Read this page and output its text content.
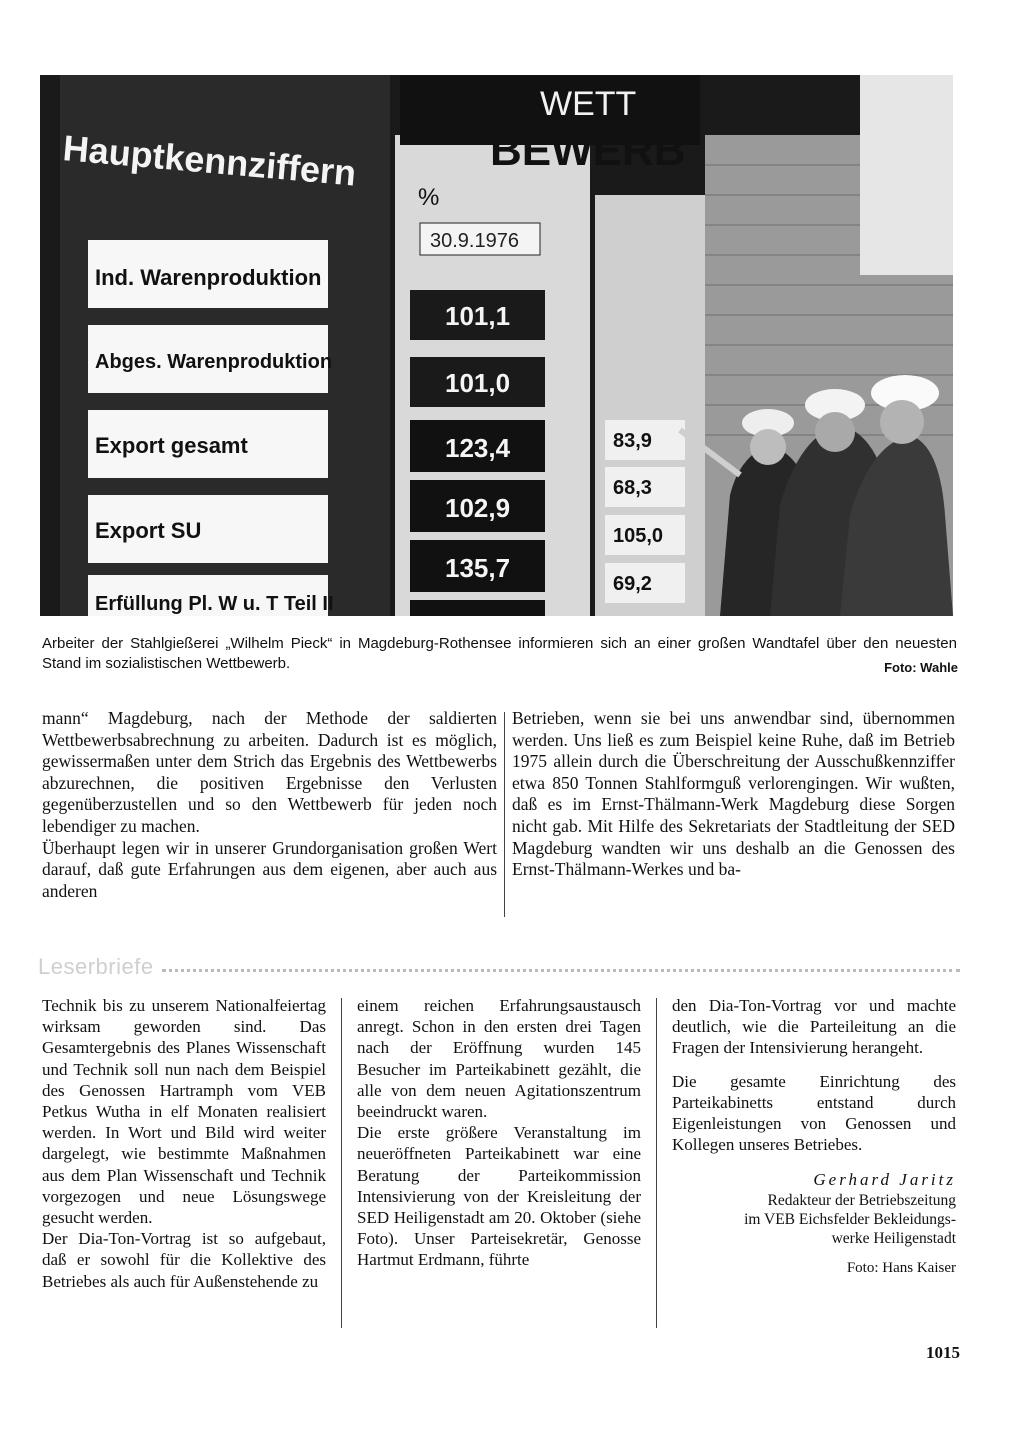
WETT
BEWERB
Hauptkennziffern
%
30.9.1976
Ind. Warenproduktion
Abges. Warenproduktion
Export gesamt
Export SU
Erfüllung Pl. W u. T Teil II
101,1
101,0
123,4
102,9
135,7
83,9
68,3
105,0
69,2
Arbeiter der Stahlgießerei „Wilhelm Pieck“ in Magdeburg-Rothensee informieren sich an einer großen Wandtafel über den neuesten Stand im sozialistischen Wettbewerb.	Foto: Wahle

mann“ Magdeburg, nach der Methode der saldierten Wettbewerbsabrechnung zu arbeiten. Dadurch ist es möglich, gewissermaßen unter dem Strich das Ergebnis des Wettbewerbs abzurechnen, die positiven Ergebnisse den Verlusten gegenüberzustellen und so den Wettbewerb für jeden noch lebendiger zu machen.

Überhaupt legen wir in unserer Grundorganisation großen Wert darauf, daß gute Erfahrungen aus dem eigenen, aber auch aus anderen

Betrieben, wenn sie bei uns anwendbar sind, übernommen werden. Uns ließ es zum Beispiel keine Ruhe, daß im Betrieb 1975 allein durch die Überschreitung der Ausschußkennziffer etwa 850 Tonnen Stahlformguß verlorengingen. Wir wußten, daß es im Ernst-Thälmann-Werk Magdeburg diese Sorgen nicht gab. Mit Hilfe des Sekretariats der Stadtleitung der SED Magdeburg wandten wir uns deshalb an die Genossen des Ernst-Thälmann-Werkes und ba-

Leserbriefe

Technik bis zu unserem Nationalfeiertag wirksam geworden sind. Das Gesamtergebnis des Planes Wissenschaft und Technik soll nun nach dem Beispiel des Genossen Hartramph vom VEB Petkus Wutha in elf Monaten realisiert werden. In Wort und Bild wird weiter dargelegt, wie bestimmte Maßnahmen aus dem Plan Wissenschaft und Technik vorgezogen und neue Lösungswege gesucht werden.

Der Dia-Ton-Vortrag ist so aufgebaut, daß er sowohl für die Kollektive des Betriebes als auch für Außenstehende zu

einem reichen Erfahrungsaustausch anregt. Schon in den ersten drei Tagen nach der Eröffnung wurden 145 Besucher im Parteikabinett gezählt, die alle von dem neuen Agitationszentrum beeindruckt waren.

Die erste größere Veranstaltung im neueröffneten Parteikabinett war eine Beratung der Parteikommission Intensivierung von der Kreisleitung der SED Heiligenstadt am 20. Oktober (siehe Foto). Unser Parteisekretär, Genosse Hartmut Erdmann, führte

den Dia-Ton-Vortrag vor und machte deutlich, wie die Parteileitung an die Fragen der Intensivierung herangeht.

Die gesamte Einrichtung des Parteikabinetts entstand durch Eigenleistungen von Genossen und Kollegen unseres Betriebes.

Gerhard Jaritz
Redakteur der Betriebszeitung
im VEB Eichsfelder Bekleidungs-
werke Heiligenstadt
Foto: Hans Kaiser
1015
